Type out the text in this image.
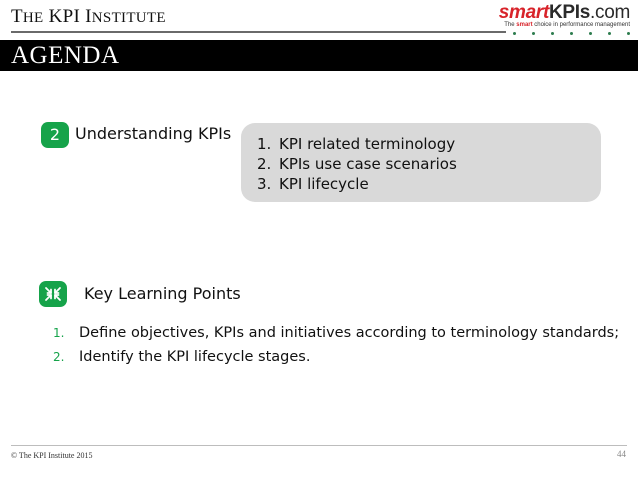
THE KPI INSTITUTE	smartKPIs.com
The smart choice in performance management
AGENDA
2 Understanding KPIs
1. KPI related terminology
2. KPIs use case scenarios
3. KPI lifecycle
Key Learning Points
1. Define objectives, KPIs and initiatives according to terminology standards;
2. Identify the KPI lifecycle stages.
© The KPI Institute 2015	44
